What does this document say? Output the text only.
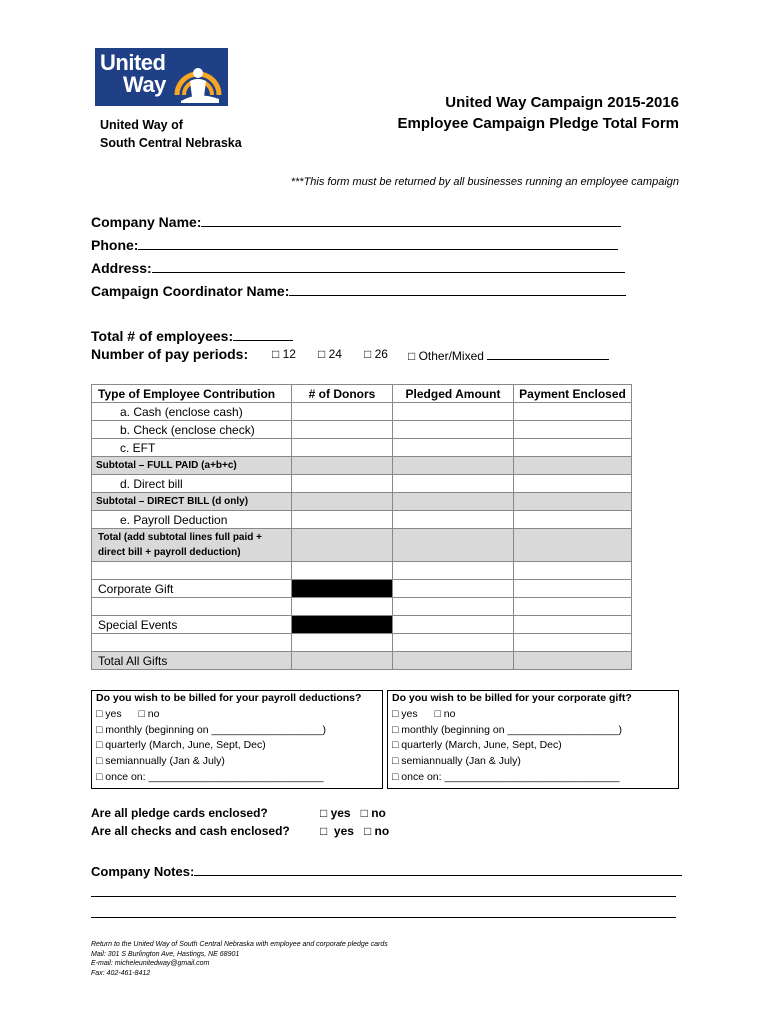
United
Way
United Way of
South Central Nebraska
United Way Campaign 2015-2016
Employee Campaign Pledge Total Form
***This form must be returned by all businesses running an employee campaign
Company Name:
Phone:
Address:
Campaign Coordinator Name:
Total # of employees:
Number of pay periods: □ 12 □ 24 □ 26 □ Other/Mixed
Type of Employee Contribution	# of Donors	Pledged Amount	Payment Enclosed
a. Cash (enclose cash)			
b. Check (enclose check)			
c. EFT			
Subtotal – FULL PAID (a+b+c)			
d. Direct bill			
Subtotal – DIRECT BILL (d only)			
e. Payroll Deduction			

Total (add subtotal lines full paid +
direct bill + payroll deduction)			

Corporate Gift			

Special Events			

Total All Gifts			
Do you wish to be billed for your payroll deductions?
□ yes □ no
□ monthly (beginning on ___________________)
□ quarterly (March, June, Sept, Dec)
□ semiannually (Jan & July)
□ once on: ______________________________
Do you wish to be billed for your corporate gift?
□ yes □ no
□ monthly (beginning on ___________________)
□ quarterly (March, June, Sept, Dec)
□ semiannually (Jan & July)
□ once on: ______________________________
Are all pledge cards enclosed?	□ yes   □ no
Are all checks and cash enclosed?	□  yes   □ no
Company Notes:
Return to the United Way of South Central Nebraska with employee and corporate pledge cards
Mail: 301 S Burlington Ave, Hastings, NE 68901
E-mail: micheleunitedway@gmail.com
Fax: 402-461-8412
